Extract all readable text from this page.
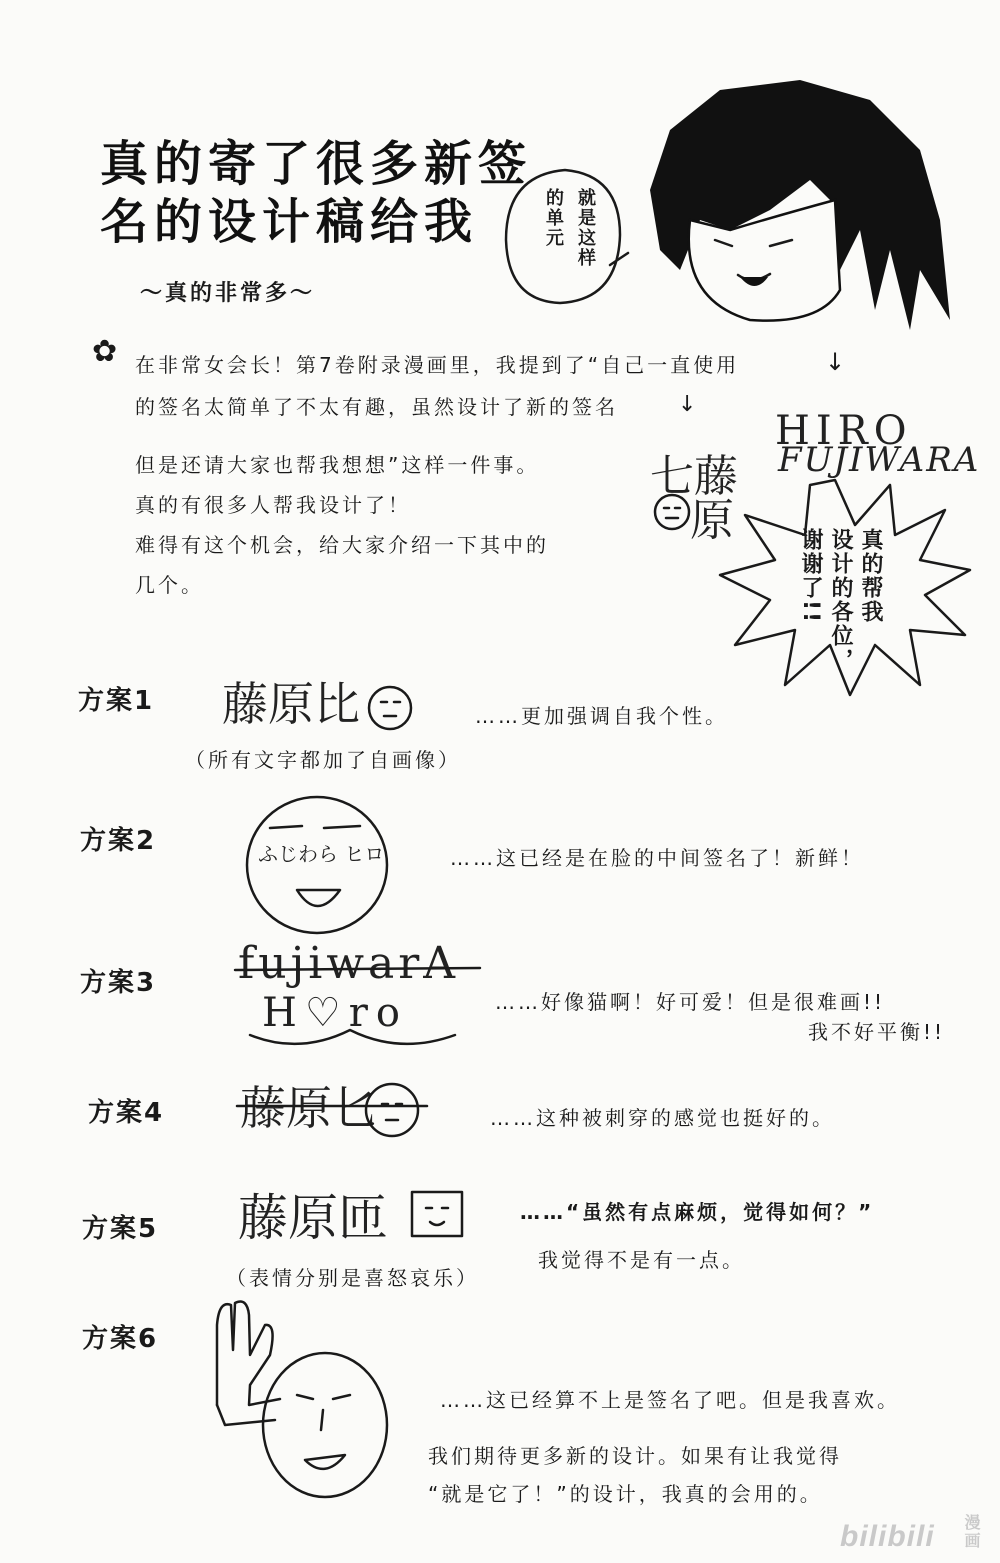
真的寄了很多新签
名的设计稿给我
～真的非常多～
就是这样
的单元
✿ 在非常女会长！第7卷附录漫画里，我提到了“自己一直使用
的签名太简单了不太有趣，虽然设计了新的签名
↓
↓
但是还请大家也帮我想想”这样一件事。
真的有很多人帮我设计了！
难得有这个机会，给大家介绍一下其中的
几个。
HIRO
FUJIWARA
七藤
原
真的帮我
设计的各位，
谢谢了!!
方案1 藤原比	……更加强调自我个性。
（所有文字都加了自画像）
方案2	ふじわら ヒロ	……这已经是在脸的中间签名了！新鲜！
方案3 fujiwarA
H♡ro	……好像猫啊！好可爱！但是很难画!!
我不好平衡!!
方案4 藤原匕	……这种被刺穿的感觉也挺好的。
方案5 藤原匝	……“虽然有点麻烦，觉得如何？”
我觉得不是有一点。
（表情分别是喜怒哀乐）
方案6
……这已经算不上是签名了吧。但是我喜欢。
我们期待更多新的设计。如果有让我觉得
“就是它了！”的设计，我真的会用的。
bilibili 漫画
